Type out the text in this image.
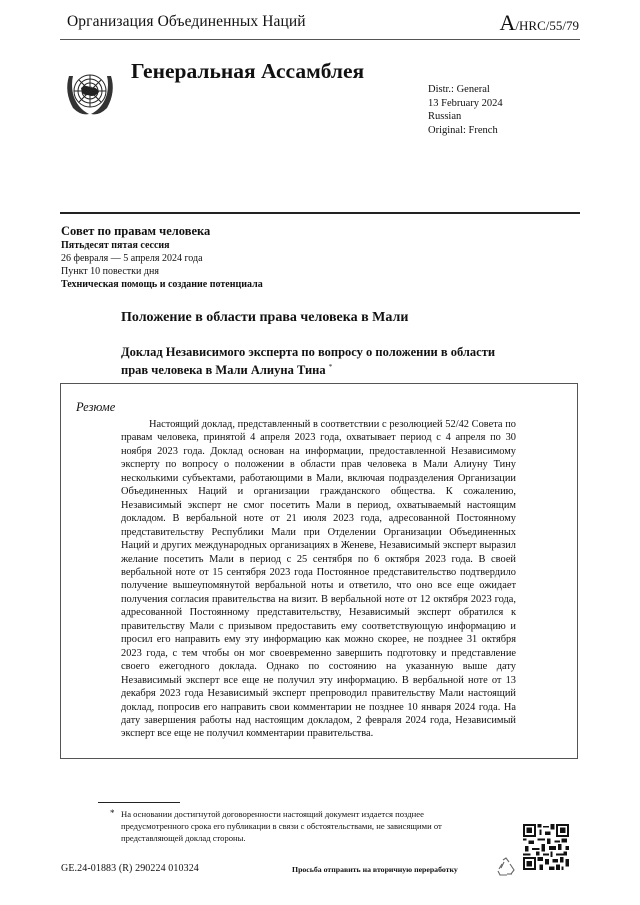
Организация Объединенных Наций	A/HRC/55/79
Генеральная Ассамблея
Distr.: General
13 February 2024
Russian
Original: French
Совет по правам человека
Пятьдесят пятая сессия
26 февраля — 5 апреля 2024 года
Пункт 10 повестки дня
Техническая помощь и создание потенциала
Положение в области права человека в Мали
Доклад Независимого эксперта по вопросу о положении в области
прав человека в Мали Алиуна Тина *
Резюме
Настоящий доклад, представленный в соответствии с резолюцией 52/42 Совета по правам человека, принятой 4 апреля 2023 года, охватывает период с 4 апреля по 30 ноября 2023 года. Доклад основан на информации, предоставленной Независимому эксперту по вопросу о положении в области прав человека в Мали Алиуну Тину несколькими субъектами, работающими в Мали, включая подразделения Организации Объединенных Наций и организации гражданского общества. К сожалению, Независимый эксперт не смог посетить Мали в период, охватываемый настоящим докладом. В вербальной ноте от 21 июля 2023 года, адресованной Постоянному представительству Республики Мали при Отделении Организации Объединенных Наций и других международных организациях в Женеве, Независимый эксперт выразил желание посетить Мали в период с 25 сентября по 6 октября 2023 года. В своей вербальной ноте от 15 сентября 2023 года Постоянное представительство подтвердило получение вышеупомянутой вербальной ноты и ответило, что оно все еще ожидает получения согласия правительства на визит. В вербальной ноте от 12 октября 2023 года, адресованной Постоянному представительству, Независимый эксперт обратился к правительству Мали с призывом предоставить ему соответствующую информацию и просил его направить ему эту информацию как можно скорее, не позднее 31 октября 2023 года, с тем чтобы он мог своевременно завершить подготовку и представление своего ежегодного доклада. Однако по состоянию на указанную выше дату Независимый эксперт все еще не получил эту информацию. В вербальной ноте от 13 декабря 2023 года Независимый эксперт препроводил правительству Мали настоящий доклад, попросив его направить свои комментарии не позднее 10 января 2024 года. На дату завершения работы над настоящим докладом, 2 февраля 2024 года, Независимый эксперт все еще не получил комментарии правительства.
* На основании достигнутой договоренности настоящий документ издается позднее предусмотренного срока его публикации в связи с обстоятельствами, не зависящими от представляющей доклад стороны.
GE.24-01883 (R) 290224 010324	Просьба отправить на вторичную переработку
